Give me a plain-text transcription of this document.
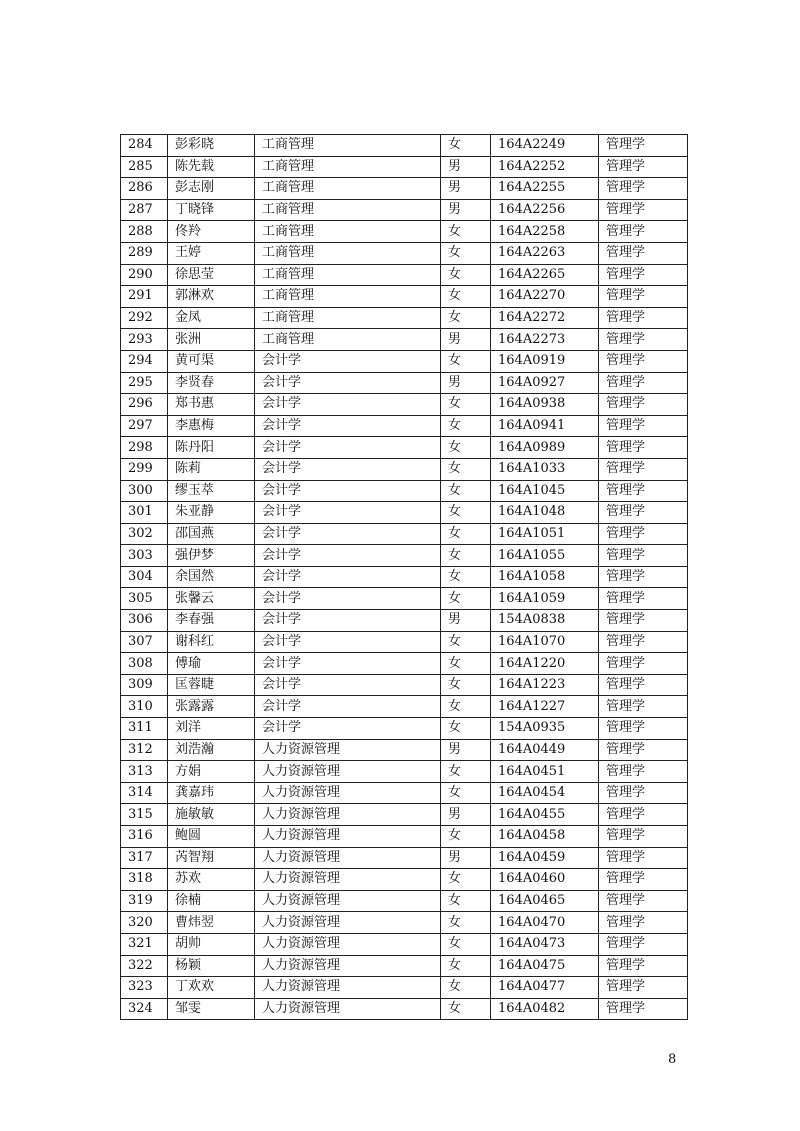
284	彭彩晓	工商管理	女	164A2249	管理学
285	陈先载	工商管理	男	164A2252	管理学
286	彭志刚	工商管理	男	164A2255	管理学
287	丁晓锋	工商管理	男	164A2256	管理学
288	佟羚	工商管理	女	164A2258	管理学
289	王婷	工商管理	女	164A2263	管理学
290	徐思莹	工商管理	女	164A2265	管理学
291	郭淋欢	工商管理	女	164A2270	管理学
292	金凤	工商管理	女	164A2272	管理学
293	张洲	工商管理	男	164A2273	管理学
294	黄可渠	会计学	女	164A0919	管理学
295	李贤春	会计学	男	164A0927	管理学
296	郑书惠	会计学	女	164A0938	管理学
297	李惠梅	会计学	女	164A0941	管理学
298	陈丹阳	会计学	女	164A0989	管理学
299	陈莉	会计学	女	164A1033	管理学
300	缪玉萃	会计学	女	164A1045	管理学
301	朱亚静	会计学	女	164A1048	管理学
302	邵国燕	会计学	女	164A1051	管理学
303	强伊梦	会计学	女	164A1055	管理学
304	余国然	会计学	女	164A1058	管理学
305	张馨云	会计学	女	164A1059	管理学
306	李春强	会计学	男	154A0838	管理学
307	谢科红	会计学	女	164A1070	管理学
308	傅瑜	会计学	女	164A1220	管理学
309	匡蓉睫	会计学	女	164A1223	管理学
310	张露露	会计学	女	164A1227	管理学
311	刘洋	会计学	女	154A0935	管理学
312	刘浩瀚	人力资源管理	男	164A0449	管理学
313	方娟	人力资源管理	女	164A0451	管理学
314	龚嘉玮	人力资源管理	女	164A0454	管理学
315	施敏敏	人力资源管理	男	164A0455	管理学
316	鲍圆	人力资源管理	女	164A0458	管理学
317	芮智翔	人力资源管理	男	164A0459	管理学
318	苏欢	人力资源管理	女	164A0460	管理学
319	徐楠	人力资源管理	女	164A0465	管理学
320	曹炜翌	人力资源管理	女	164A0470	管理学
321	胡帅	人力资源管理	女	164A0473	管理学
322	杨颖	人力资源管理	女	164A0475	管理学
323	丁欢欢	人力资源管理	女	164A0477	管理学
324	邹雯	人力资源管理	女	164A0482	管理学
8
